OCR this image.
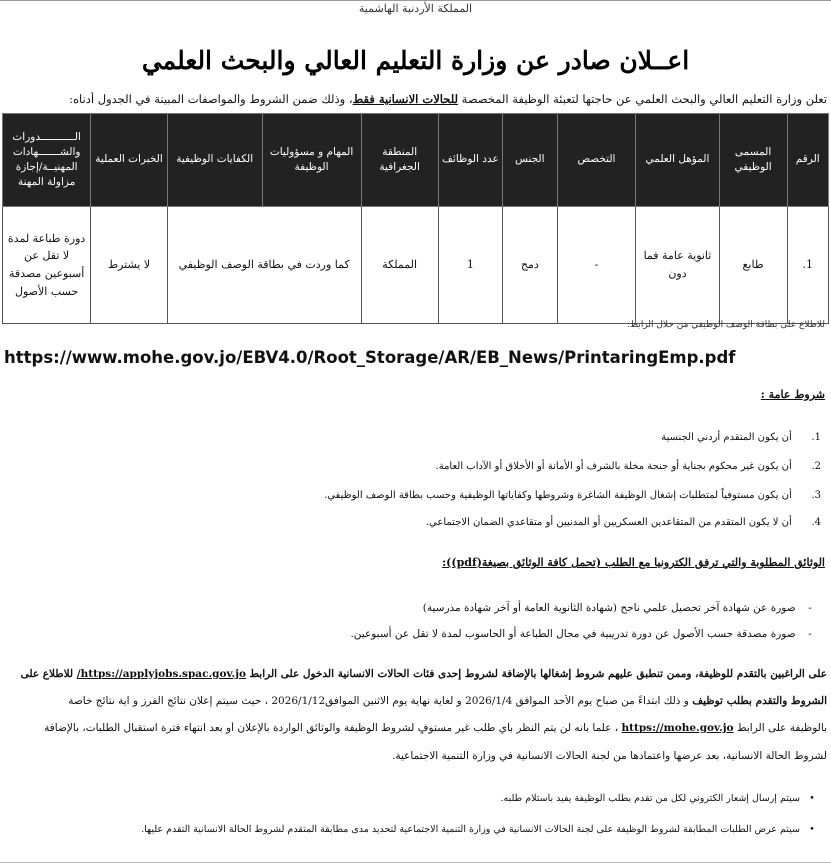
المملكة الأردنية الهاشمية
اعــلان صادر عن وزارة التعليم العالي والبحث العلمي
تعلن وزارة التعليم العالي والبحث العلمي عن حاجتها لتعبئة الوظيفة المخصصة للحالات الانسانية فقط، وذلك ضمن الشروط والمواصفات المبينة في الجدول أدناه:
الرقم	المسمى الوظيفي	المؤهل العلمي	التخصص	الجنس	عدد الوظائف	المنطقة الجغرافية	المهام و مسؤوليات الوظيفة	الكفايات الوظيفية	الخبرات العملية	الـــــــــــدورات والشـــــــهادات المهنيــة/إجازة مزاولة المهنة
1.	طابع	ثانوية عامة فما دون	-	دمج	1	المملكة	كما وردت في بطاقة الوصف الوظيفي		لا يشترط	دورة طباعة لمدة لا تقل عن أسبوعين مصدقة حسب الأصول
للاطلاع على بطاقة الوصف الوظيفي من خلال الرابط:
https://www.mohe.gov.jo/EBV4.0/Root_Storage/AR/EB_News/PrintaringEmp.pdf
شروط عامة :
1. أن يكون المتقدم أردني الجنسية
2. أن يكون غير محكوم بجناية أو جنحة مخلة بالشرف أو الأمانة أو الأخلاق أو الآداب العامة.
3. أن يكون مستوفياً لمتطلبات إشغال الوظيفة الشاغرة وشروطها وكفاياتها الوظيفية وحسب بطاقة الوصف الوظيفي.
4. أن لا يكون المتقدم من المتقاعدين العسكريين أو المدنيين أو متقاعدي الضمان الاجتماعي.
الوثائق المطلوبة والتي ترفق الكترونيا مع الطلب (تحمل كافة الوثائق بصيغة(pdf)):
- صورة عن شهادة آخر تحصيل علمي ناجح (شهادة الثانوية العامة أو آخر شهادة مدرسية)
- صورة مصدقة حسب الأصول عن دورة تدريبية في مجال الطباعة أو الحاسوب لمدة لا تقل عن أسبوعين.
على الراغبين بالتقدم للوظيفة، وممن تنطبق عليهم شروط إشغالها بالإضافة لشروط إحدى فئات الحالات الانسانية الدخول على الرابط https://applyjobs.spac.gov.jo/ للاطلاع على
الشروط والتقدم بطلب توظيف و ذلك ابتداءً من صباح يوم الأحد الموافق 2026/1/4 و لغاية نهاية يوم الاثنين الموافق2026/1/12 ، حيث سيتم إعلان نتائج الفرز و اية نتائج خاصة
بالوظيفة على الرابط https://mohe.gov.jo ، علما بأنه لن يتم النظر بأي طلب غير مستوفٍ لشروط الوظيفة والوثائق الواردة بالإعلان أو بعد انتهاء فترة استقبال الطلبات، بالإضافة
لشروط الحالة الانسانية، بعد عرضها واعتمادها من لجنة الحالات الانسانية في وزارة التنمية الاجتماعية.
• سيتم إرسال إشعار الكتروني لكل من تقدم بطلب الوظيفة يفيد باستلام طلبه.
• سيتم عرض الطلبات المطابقة لشروط الوظيفة على لجنة الحالات الانسانية في وزارة التنمية الاجتماعية لتحديد مدى مطابقة المتقدم لشروط الحالة الانسانية التقدم عليها.
